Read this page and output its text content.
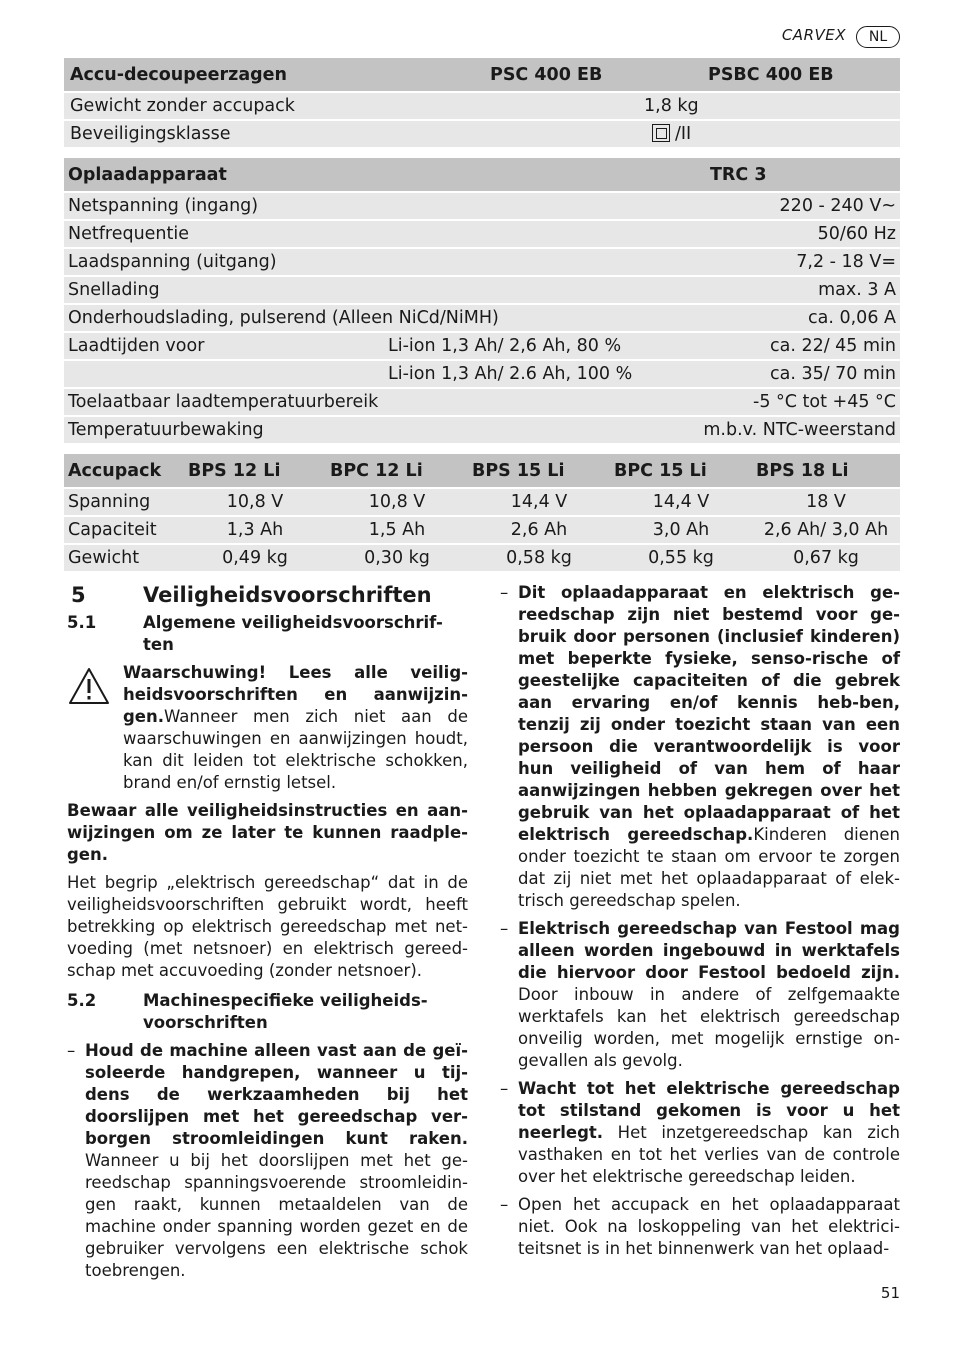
CARVEX	NL
Accu-decoupeerzagen	PSC 400 EB	PSBC 400 EB
Gewicht zonder accupack	1,8 kg	
Beveiligingsklasse	/II	
Oplaadapparaat		TRC 3
Netspanning (ingang)		220 - 240 V~
Netfrequentie		50/60 Hz
Laadspanning (uitgang)		7,2 - 18 V=
Snellading		max. 3 A
Onderhoudslading, pulserend (Alleen NiCd/NiMH)		ca. 0,06 A
Laadtijden voor	Li-ion 1,3 Ah/ 2,6 Ah, 80 %	ca. 22/ 45 min
	Li-ion 1,3 Ah/ 2.6 Ah, 100 %	ca. 35/ 70 min
Toelaatbaar laadtemperatuurbereik		-5 °C tot +45 °C
Temperatuurbewaking		m.b.v. NTC-weerstand
Accupack	BPS 12 Li	BPC 12 Li	BPS 15 Li	BPC 15 Li	BPS 18 Li
Spanning	10,8 V	10,8 V	14,4 V	14,4 V	18 V
Capaciteit	1,3 Ah	1,5 Ah	2,6 Ah	3,0 Ah	2,6 Ah/ 3,0 Ah
Gewicht	0,49 kg	0,30 kg	0,58 kg	0,55 kg	0,67 kg
5	Veiligheidsvoorschriften
5.1	Algemene veiligheidsvoorschrif-ten
Waarschuwing! Lees alle veilig-
heidsvoorschriften en aanwijzin-gen.Wanneer men zich niet aan de waarschuwingen en aanwijzingen houdt, kan dit leiden tot elektrische schokken, brand en/of ernstig letsel.

Bewaar alle veiligheidsinstructies en aan-wijzingen om ze later te kunnen raadple-gen.

Het begrip „elektrisch gereedschap“ dat in de veiligheidsvoorschriften gebruikt wordt, heeft betrekking op elektrisch gereedschap met net-voeding (met netsnoer) en elektrisch gereed-schap met accuvoeding (zonder netsnoer).

5.2	Machinespecifieke veiligheids-voorschriften
– Houd de machine alleen vast aan de geï-soleerde handgrepen, wanneer u tij-dens de werkzaamheden bij het doorslijpen met het gereedschap ver-borgen stroomleidingen kunt raken. Wanneer u bij het doorslijpen met het ge-reedschap spanningsvoerende stroomleidin-gen raakt, kunnen metaaldelen van de machine onder spanning worden gezet en de gebruiker vervolgens een elektrische schok toebrengen.
– Dit oplaadapparaat en elektrisch ge-reedschap zijn niet bestemd voor ge-bruik door personen (inclusief kinderen) met beperkte fysieke, senso-rische of geestelijke capaciteiten of die gebrek aan ervaring en/of kennis heb-ben, tenzij zij onder toezicht staan van een persoon die verantwoordelijk is voor hun veiligheid of van hem of haar aanwijzingen hebben gekregen over het gebruik van het oplaadapparaat of het elektrisch gereedschap.Kinderen dienen onder toezicht te staan om ervoor te zorgen dat zij niet met het oplaadapparaat of elek-trisch gereedschap spelen.
– Elektrisch gereedschap van Festool mag alleen worden ingebouwd in werktafels die hiervoor door Festool bedoeld zijn. Door inbouw in andere of zelfgemaakte werktafels kan het elektrisch gereedschap onveilig worden, met mogelijk ernstige on-gevallen als gevolg.
– Wacht tot het elektrische gereedschap tot stilstand gekomen is voor u het neerlegt. Het inzetgereedschap kan zich vasthaken en tot het verlies van de controle over het elektrische gereedschap leiden.
– Open het accupack en het oplaadapparaat niet. Ook na loskoppeling van het elektrici-teitsnet is in het binnenwerk van het oplaad-
51
